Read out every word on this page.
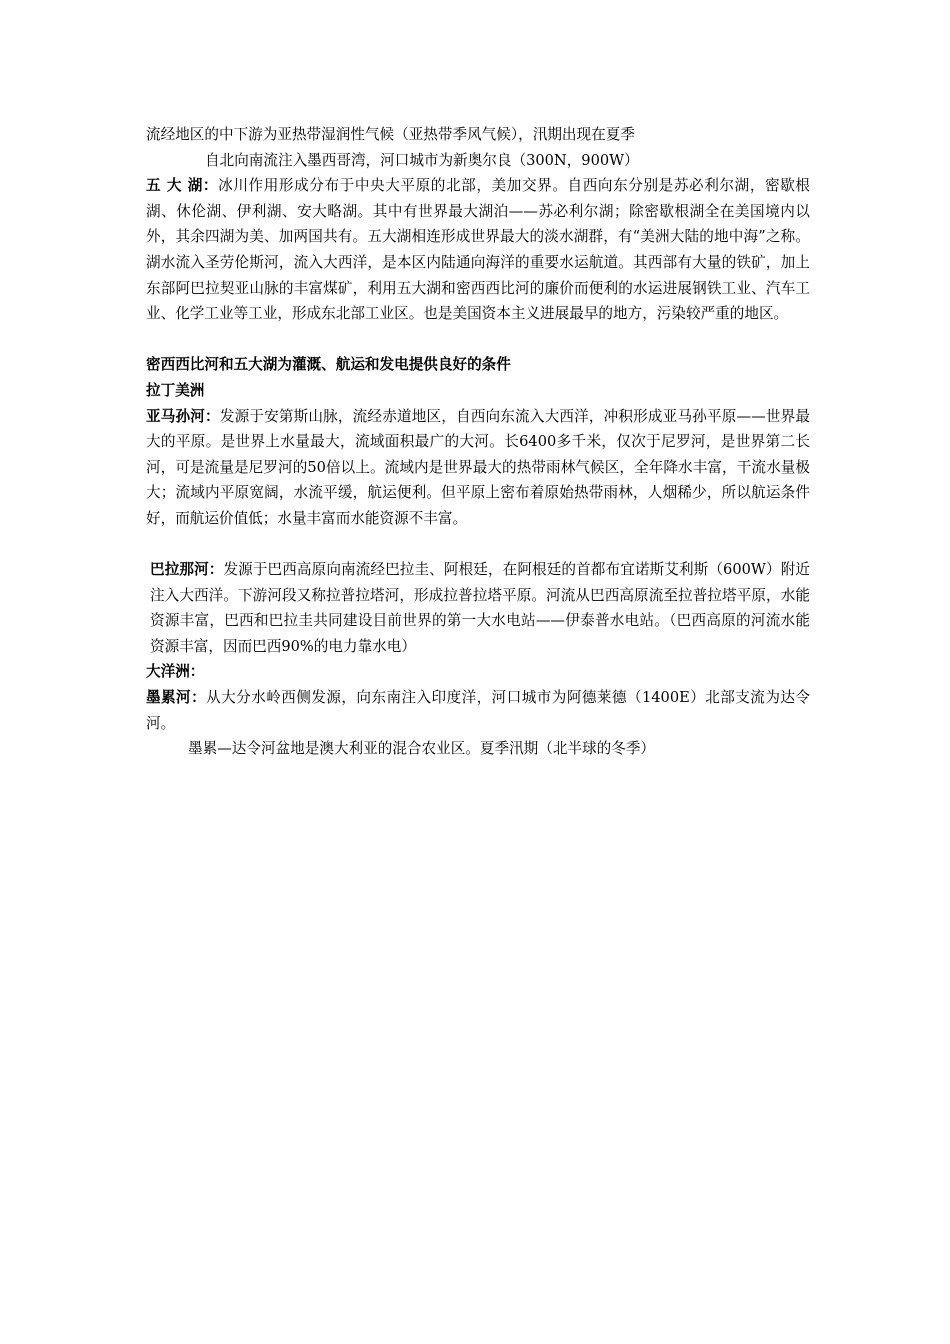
流经地区的中下游为亚热带湿润性气候（亚热带季风气候），汛期出现在夏季

自北向南流注入墨西哥湾，河口城市为新奥尔良（300N，900W）

五 大 湖：冰川作用形成分布于中央大平原的北部，美加交界。自西向东分别是苏必利尔湖，密歇根湖、休伦湖、伊利湖、安大略湖。其中有世界最大湖泊——苏必利尔湖；除密歇根湖全在美国境内以外，其余四湖为美、加两国共有。五大湖相连形成世界最大的淡水湖群，有“美洲大陆的地中海”之称。湖水流入圣劳伦斯河，流入大西洋，是本区内陆通向海洋的重要水运航道。其西部有大量的铁矿，加上东部阿巴拉契亚山脉的丰富煤矿，利用五大湖和密西西比河的廉价而便利的水运进展钢铁工业、汽车工业、化学工业等工业，形成东北部工业区。也是美国资本主义进展最早的地方，污染较严重的地区。

密西西比河和五大湖为灌溉、航运和发电提供良好的条件

拉丁美洲

亚马孙河：发源于安第斯山脉，流经赤道地区，自西向东流入大西洋，冲积形成亚马孙平原——世界最大的平原。是世界上水量最大，流域面积最广的大河。长6400多千米，仅次于尼罗河，是世界第二长河，可是流量是尼罗河的50倍以上。流域内是世界最大的热带雨林气候区，全年降水丰富，干流水量极大；流域内平原宽阔，水流平缓，航运便利。但平原上密布着原始热带雨林，人烟稀少，所以航运条件好，而航运价值低；水量丰富而水能资源不丰富。

巴拉那河：发源于巴西高原向南流经巴拉圭、阿根廷，在阿根廷的首都布宜诺斯艾利斯（600W）附近注入大西洋。下游河段又称拉普拉塔河，形成拉普拉塔平原。河流从巴西高原流至拉普拉塔平原，水能资源丰富，巴西和巴拉圭共同建设目前世界的第一大水电站——伊泰普水电站。（巴西高原的河流水能资源丰富，因而巴西90%的电力靠水电）

大洋洲：

墨累河：从大分水岭西侧发源，向东南注入印度洋，河口城市为阿德莱德（1400E）北部支流为达令河。

墨累—达令河盆地是澳大利亚的混合农业区。夏季汛期（北半球的冬季）
